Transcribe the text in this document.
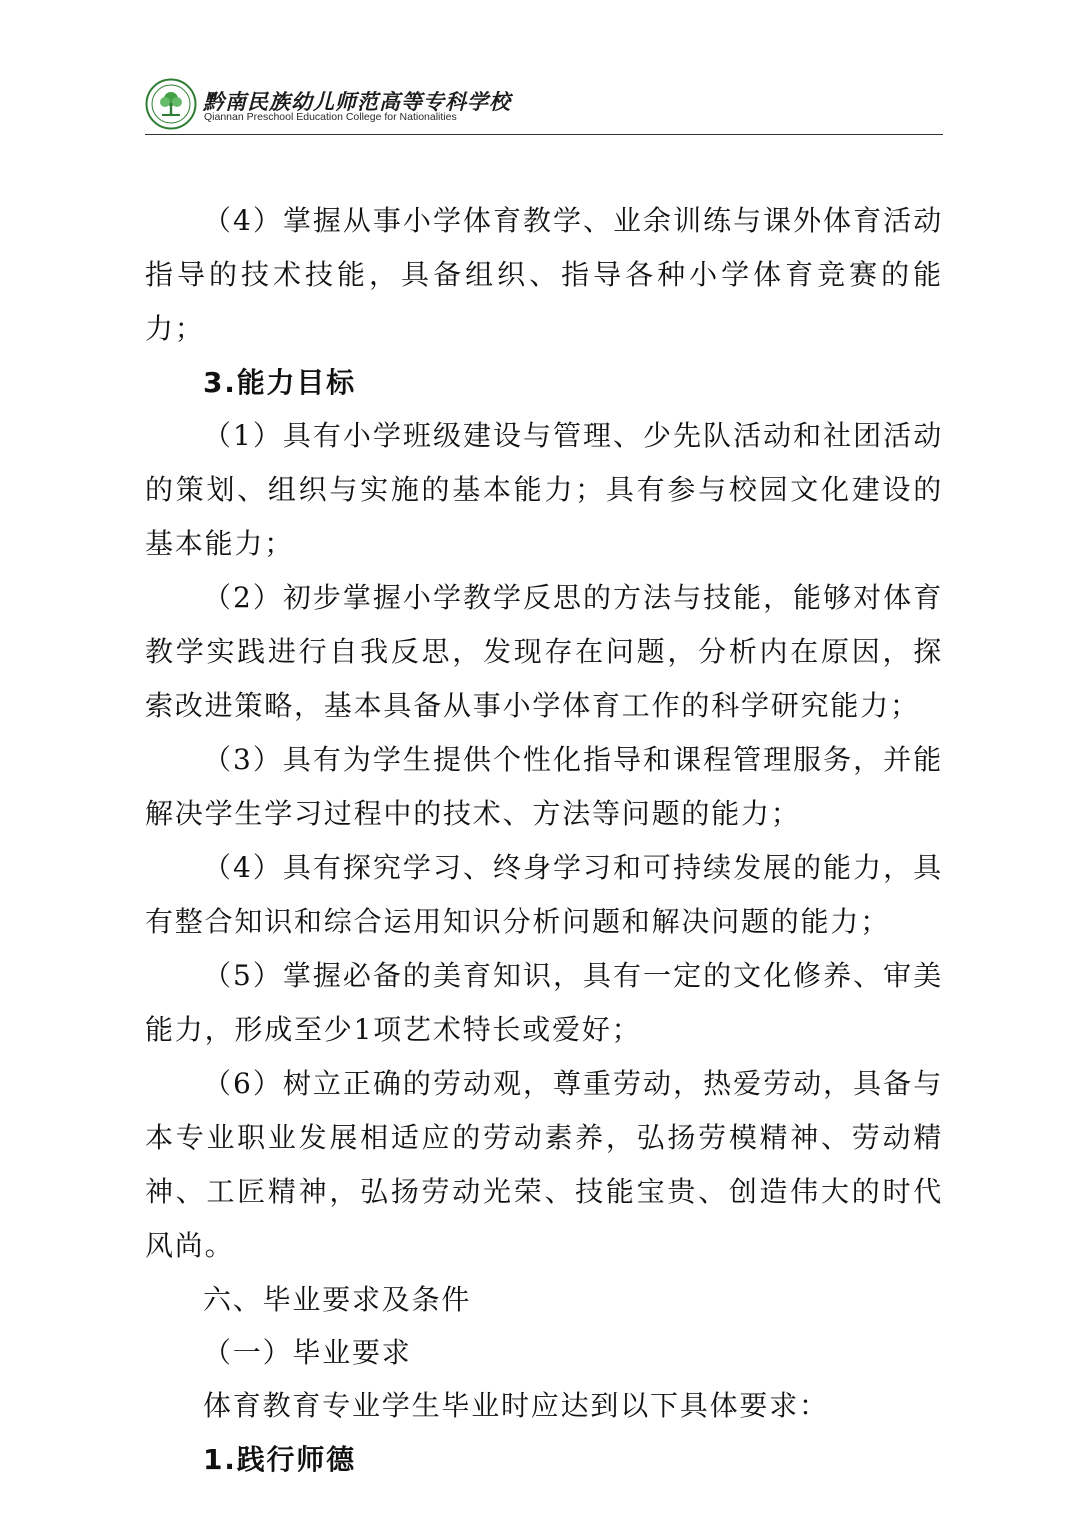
黔南民族幼儿师范高等专科学校
Qiannan Preschool Education College for Nationalities

（4）掌握从事小学体育教学、业余训练与课外体育活动指导的技术技能，具备组织、指导各种小学体育竞赛的能力；

3.能力目标

（1）具有小学班级建设与管理、少先队活动和社团活动的策划、组织与实施的基本能力；具有参与校园文化建设的基本能力；

（2）初步掌握小学教学反思的方法与技能，能够对体育教学实践进行自我反思，发现存在问题，分析内在原因，探索改进策略，基本具备从事小学体育工作的科学研究能力；

（3）具有为学生提供个性化指导和课程管理服务，并能解决学生学习过程中的技术、方法等问题的能力；

（4）具有探究学习、终身学习和可持续发展的能力，具有整合知识和综合运用知识分析问题和解决问题的能力；

（5）掌握必备的美育知识，具有一定的文化修养、审美能力，形成至少1项艺术特长或爱好；

（6）树立正确的劳动观，尊重劳动，热爱劳动，具备与本专业职业发展相适应的劳动素养，弘扬劳模精神、劳动精神、工匠精神，弘扬劳动光荣、技能宝贵、创造伟大的时代风尚。

六、毕业要求及条件

（一）毕业要求

体育教育专业学生毕业时应达到以下具体要求：

1.践行师德
